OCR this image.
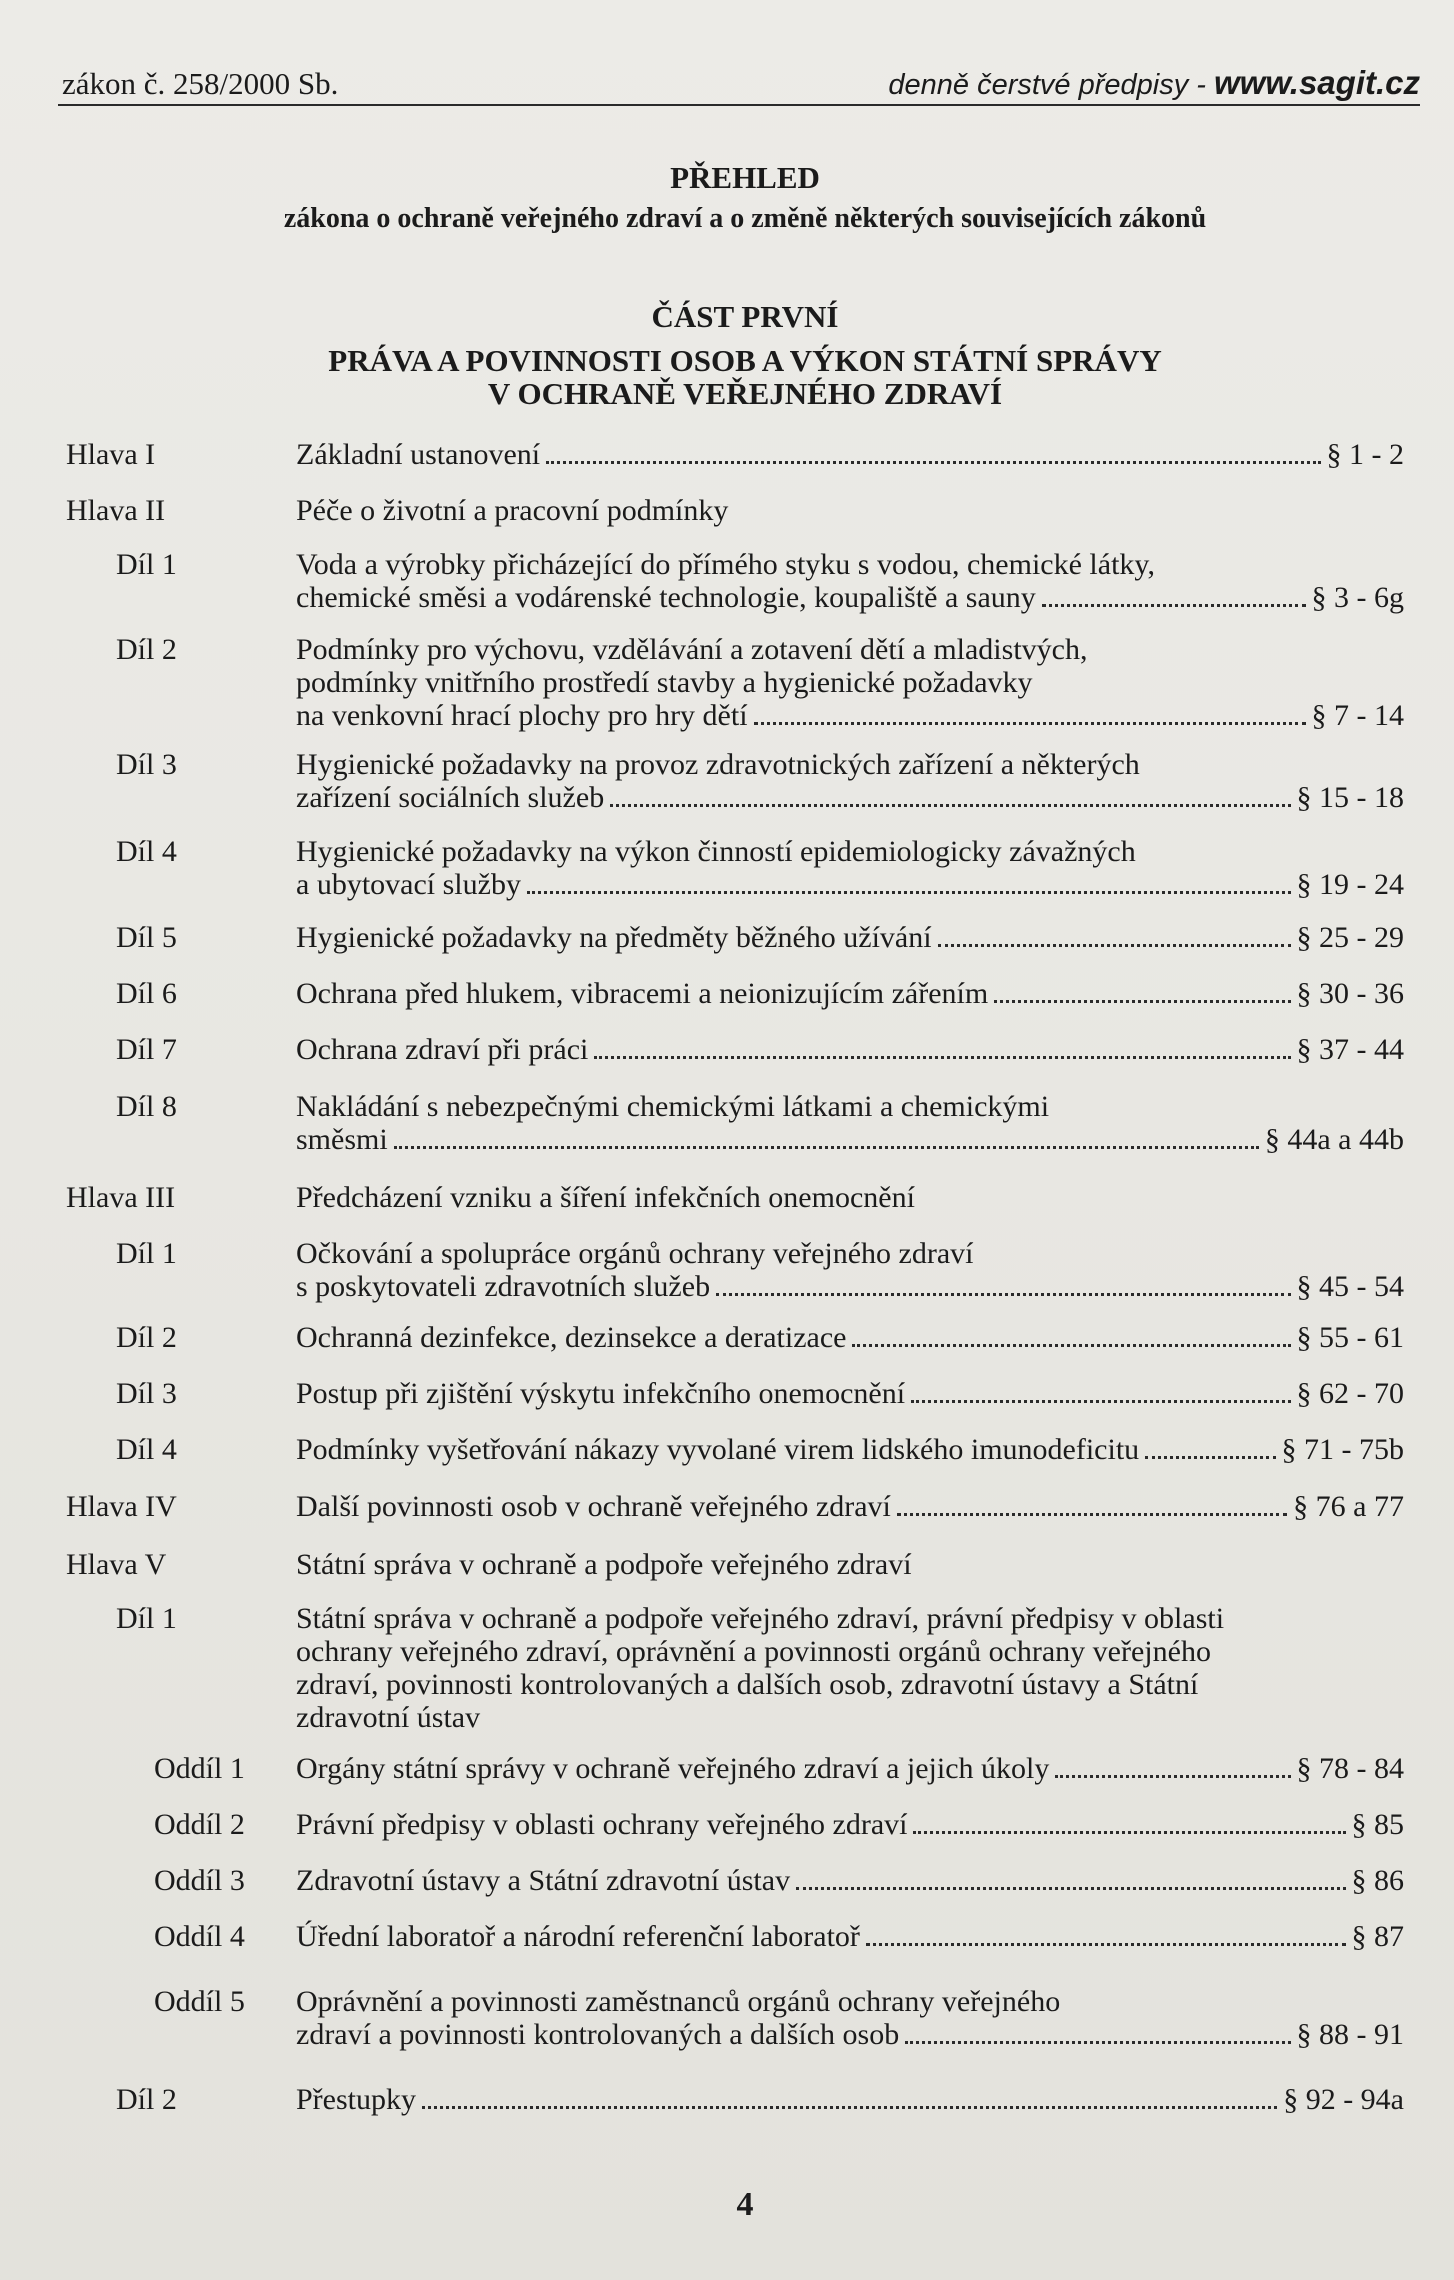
zákon č. 258/2000 Sb.	denně čerstvé předpisy - www.sagit.cz
PŘEHLED
zákona o ochraně veřejného zdraví a o změně některých souvisejících zákonů
ČÁST PRVNÍ
PRÁVA A POVINNOSTI OSOB A VÝKON STÁTNÍ SPRÁVY
V OCHRANĚ VEŘEJNÉHO ZDRAVÍ
Hlava I	Základní ustanovení	§ 1 - 2
Hlava II	Péče o životní a pracovní podmínky
Díl 1	Voda a výrobky přicházející do přímého styku s vodou, chemické látky,
chemické směsi a vodárenské technologie, koupaliště a sauny	§ 3 - 6g
Díl 2	Podmínky pro výchovu, vzdělávání a zotavení dětí a mladistvých,
podmínky vnitřního prostředí stavby a hygienické požadavky
na venkovní hrací plochy pro hry dětí	§ 7 - 14
Díl 3	Hygienické požadavky na provoz zdravotnických zařízení a některých
zařízení sociálních služeb	§ 15 - 18
Díl 4	Hygienické požadavky na výkon činností epidemiologicky závažných
a ubytovací služby	§ 19 - 24
Díl 5	Hygienické požadavky na předměty běžného užívání	§ 25 - 29
Díl 6	Ochrana před hlukem, vibracemi a neionizujícím zářením	§ 30 - 36
Díl 7	Ochrana zdraví při práci	§ 37 - 44
Díl 8	Nakládání s nebezpečnými chemickými látkami a chemickými
směsmi	§ 44a a 44b
Hlava III	Předcházení vzniku a šíření infekčních onemocnění
Díl 1	Očkování a spolupráce orgánů ochrany veřejného zdraví
s poskytovateli zdravotních služeb	§ 45 - 54
Díl 2	Ochranná dezinfekce, dezinsekce a deratizace	§ 55 - 61
Díl 3	Postup při zjištění výskytu infekčního onemocnění	§ 62 - 70
Díl 4	Podmínky vyšetřování nákazy vyvolané virem lidského imunodeficitu	§ 71 - 75b
Hlava IV	Další povinnosti osob v ochraně veřejného zdraví	§ 76 a 77
Hlava V	Státní správa v ochraně a podpoře veřejného zdraví
Díl 1	Státní správa v ochraně a podpoře veřejného zdraví, právní předpisy v oblasti
ochrany veřejného zdraví, oprávnění a povinnosti orgánů ochrany veřejného
zdraví, povinnosti kontrolovaných a dalších osob, zdravotní ústavy a Státní
zdravotní ústav
Oddíl 1 Orgány státní správy v ochraně veřejného zdraví a jejich úkoly	§ 78 - 84
Oddíl 2 Právní předpisy v oblasti ochrany veřejného zdraví	§ 85
Oddíl 3 Zdravotní ústavy a Státní zdravotní ústav	§ 86
Oddíl 4 Úřední laboratoř a národní referenční laboratoř	§ 87
Oddíl 5 Oprávnění a povinnosti zaměstnanců orgánů ochrany veřejného
zdraví a povinnosti kontrolovaných a dalších osob	§ 88 - 91
Díl 2	Přestupky	§ 92 - 94a
4
